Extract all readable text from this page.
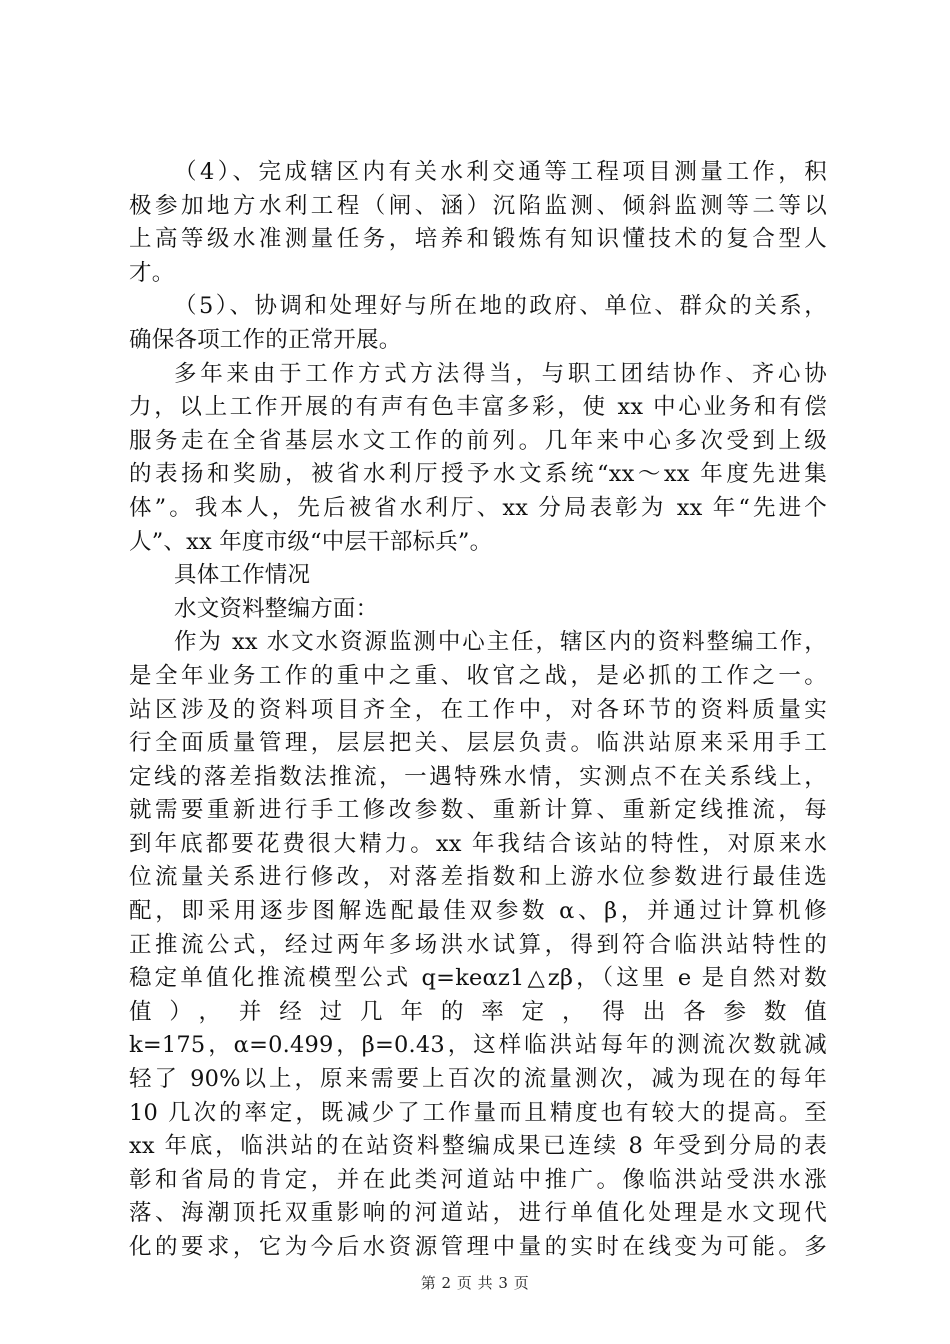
（4）、完成辖区内有关水利交通等工程项目测量工作，积
极参加地方水利工程（闸、涵）沉陷监测、倾斜监测等二等以
上高等级水准测量任务，培养和锻炼有知识懂技术的复合型人
才。
（5）、协调和处理好与所在地的政府、单位、群众的关系，
确保各项工作的正常开展。
多年来由于工作方式方法得当，与职工团结协作、齐心协
力，以上工作开展的有声有色丰富多彩，使 xx 中心业务和有偿
服务走在全省基层水文工作的前列。几年来中心多次受到上级
的表扬和奖励，被省水利厅授予水文系统“xx～xx 年度先进集
体”。我本人，先后被省水利厅、xx 分局表彰为 xx 年“先进个
人”、xx 年度市级“中层干部标兵”。
具体工作情况
水文资料整编方面：
作为 xx 水文水资源监测中心主任，辖区内的资料整编工作，
是全年业务工作的重中之重、收官之战，是必抓的工作之一。
站区涉及的资料项目齐全，在工作中，对各环节的资料质量实
行全面质量管理，层层把关、层层负责。临洪站原来采用手工
定线的落差指数法推流，一遇特殊水情，实测点不在关系线上，
就需要重新进行手工修改参数、重新计算、重新定线推流，每
到年底都要花费很大精力。xx 年我结合该站的特性，对原来水
位流量关系进行修改，对落差指数和上游水位参数进行最佳选
配，即采用逐步图解选配最佳双参数 α、β，并通过计算机修
正推流公式，经过两年多场洪水试算，得到符合临洪站特性的
稳定单值化推流模型公式 q=keαz1△zβ，（这里 e 是自然对数
值），并经过几年的率定，得出各参数值
k=175，α=0.499，β=0.43，这样临洪站每年的测流次数就减
轻了 90%以上，原来需要上百次的流量测次，减为现在的每年
10 几次的率定，既减少了工作量而且精度也有较大的提高。至
xx 年底，临洪站的在站资料整编成果已连续 8 年受到分局的表
彰和省局的肯定，并在此类河道站中推广。像临洪站受洪水涨
落、海潮顶托双重影响的河道站，进行单值化处理是水文现代
化的要求，它为今后水资源管理中量的实时在线变为可能。多
第 2 页 共 3 页
